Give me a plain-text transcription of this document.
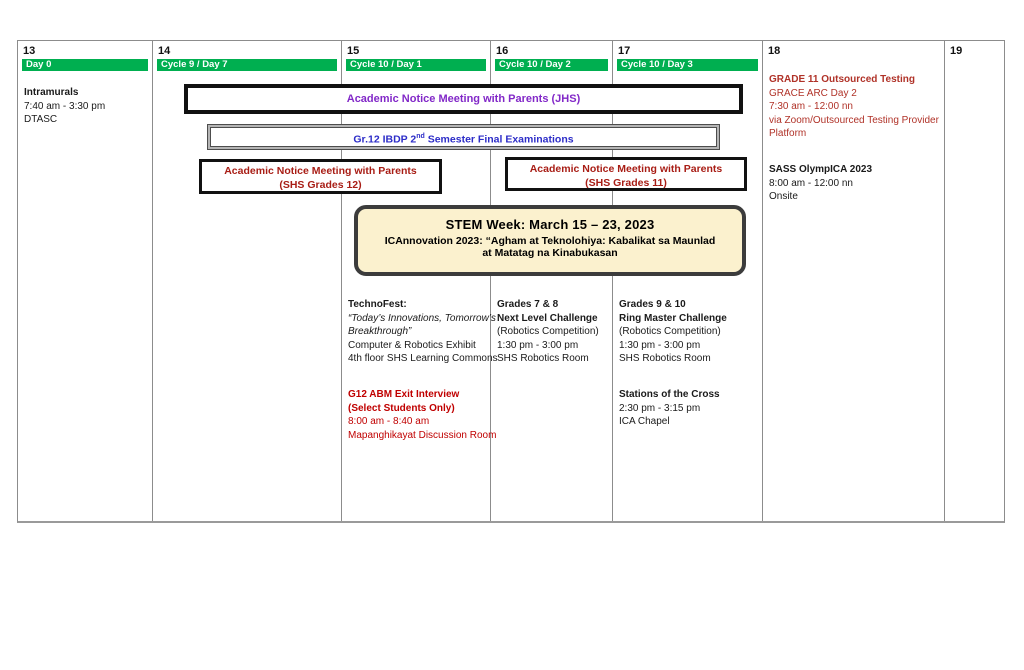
13
Day 0
Intramurals
7:40 am - 3:30 pm
DTASC
14
Cycle 9 / Day 7
15
Cycle 10 / Day 1
TechnoFest:
“Today’s Innovations, Tomorrow’s
Breakthrough”
Computer & Robotics Exhibit
4th floor SHS Learning Commons
G12 ABM Exit Interview
(Select Students Only)
8:00 am - 8:40 am
Mapanghikayat Discussion Room
16
Cycle 10 / Day 2
Grades 7 & 8
Next Level Challenge
(Robotics Competition)
1:30 pm - 3:00 pm
SHS Robotics Room
17
Cycle 10 / Day 3
Grades 9 & 10
Ring Master Challenge
(Robotics Competition)
1:30 pm - 3:00 pm
SHS Robotics Room
Stations of the Cross
2:30 pm - 3:15 pm
ICA Chapel
18
GRADE 11 Outsourced Testing
GRACE ARC Day 2
7:30 am - 12:00 nn
via Zoom/Outsourced Testing Provider
Platform
SASS OlympICA 2023
8:00 am - 12:00 nn
Onsite
19
Academic Notice Meeting with Parents (JHS)
Gr.12 IBDP 2nd Semester Final Examinations
Academic Notice Meeting with Parents
(SHS Grades 12)
Academic Notice Meeting with Parents
(SHS Grades 11)
STEM Week: March 15 – 23, 2023
ICAnnovation 2023: “Agham at Teknolohiya: Kabalikat sa Maunlad
at Matatag na Kinabukasan
